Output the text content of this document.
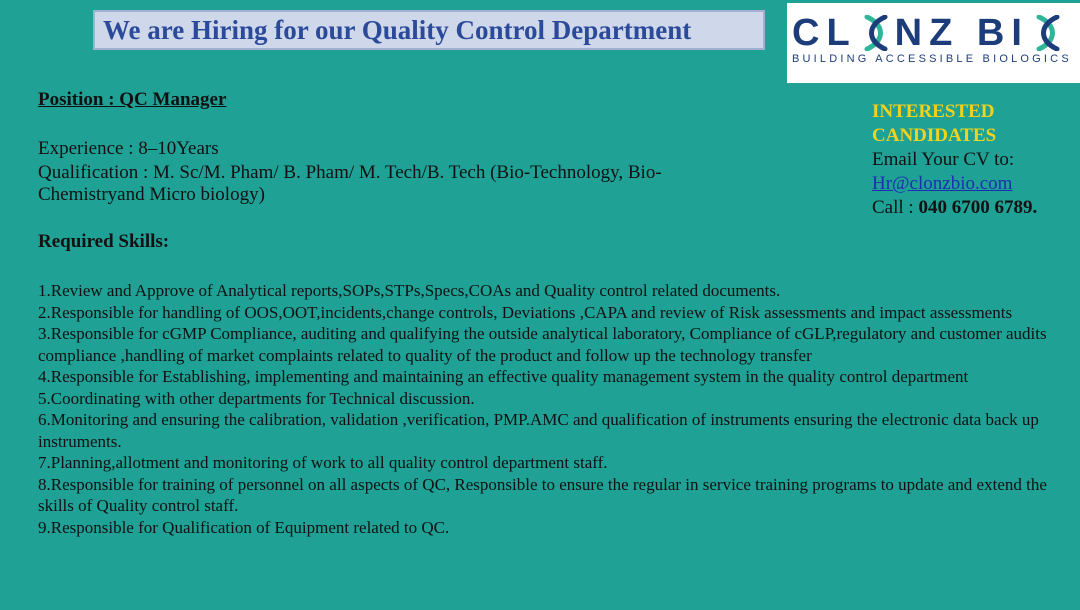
We are Hiring for our Quality Control Department	CL NZ B I
BUILDING ACCESSIBLE BIOLOGICS
Position : QC Manager
Experience : 8–10Years
Qualification : M. Sc/M. Pham/ B. Pham/ M. Tech/B. Tech (Bio-Technology, Bio-
Chemistryand Micro biology)
Required Skills:
INTERESTED
CANDIDATES
Email Your CV to:
Hr@clonzbio.com
Call : 040 6700 6789.
1.Review and Approve of Analytical reports,SOPs,STPs,Specs,COAs and Quality control related documents.
2.Responsible for handling of OOS,OOT,incidents,change controls, Deviations ,CAPA and review of Risk assessments and impact assessments
3.Responsible for cGMP Compliance, auditing and qualifying the outside analytical laboratory, Compliance of cGLP,regulatory and customer audits compliance ,handling of market complaints related to quality of the product and follow up the technology transfer
4.Responsible for Establishing, implementing and maintaining an effective quality management system in the quality control department
5.Coordinating with other departments for Technical discussion.
6.Monitoring and ensuring the calibration, validation ,verification, PMP.AMC and qualification of instruments ensuring the electronic data back up instruments.
7.Planning,allotment and monitoring of work to all quality control department staff.
8.Responsible for training of personnel on all aspects of QC, Responsible to ensure the regular in service training programs to update and extend the skills of Quality control staff.
9.Responsible for Qualification of Equipment related to QC.
